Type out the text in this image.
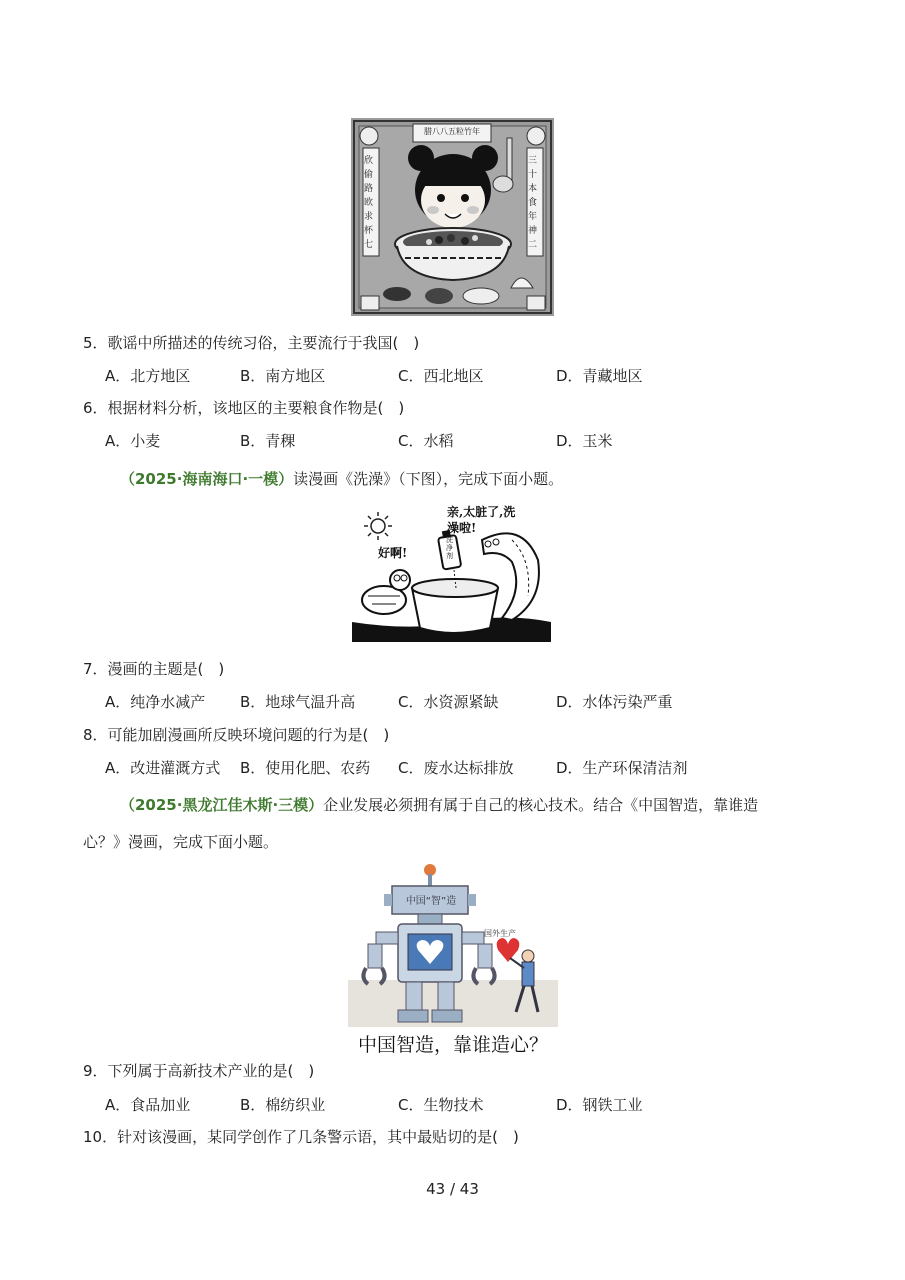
腊八八五粒竹年
欣偷路欧求杯七
三十本食年神二
5．歌谣中所描述的传统习俗，主要流行于我国(　)
A．北方地区	B．南方地区	C．西北地区	D．青藏地区
6．根据材料分析，该地区的主要粮食作物是(　)
A．小麦	B．青稞	C．水稻	D．玉米
（2025·海南海口·一模）读漫画《洗澡》（下图），完成下面小题。
亲,太脏了,洗澡啦!
好啊!
洗净剂
7．漫画的主题是(　)
A．纯净水减产 B．地球气温升高	C．水资源紧缺	D．水体污染严重
8．可能加剧漫画所反映环境问题的行为是(　)
A．改进灌溉方式 B．使用化肥、农药 C．废水达标排放	D．生产环保清洁剂
（2025·黑龙江佳木斯·三模）企业发展必须拥有属于自己的核心技术。结合《中国智造，靠谁造
心？》漫画，完成下面小题。
中国“智”造
国外生产
中国智造，靠谁造心？
9．下列属于高新技术产业的是(　)
A．食品加业	B．棉纺织业	C．生物技术	D．钢铁工业
10．针对该漫画，某同学创作了几条警示语，其中最贴切的是(　)
43 / 43
